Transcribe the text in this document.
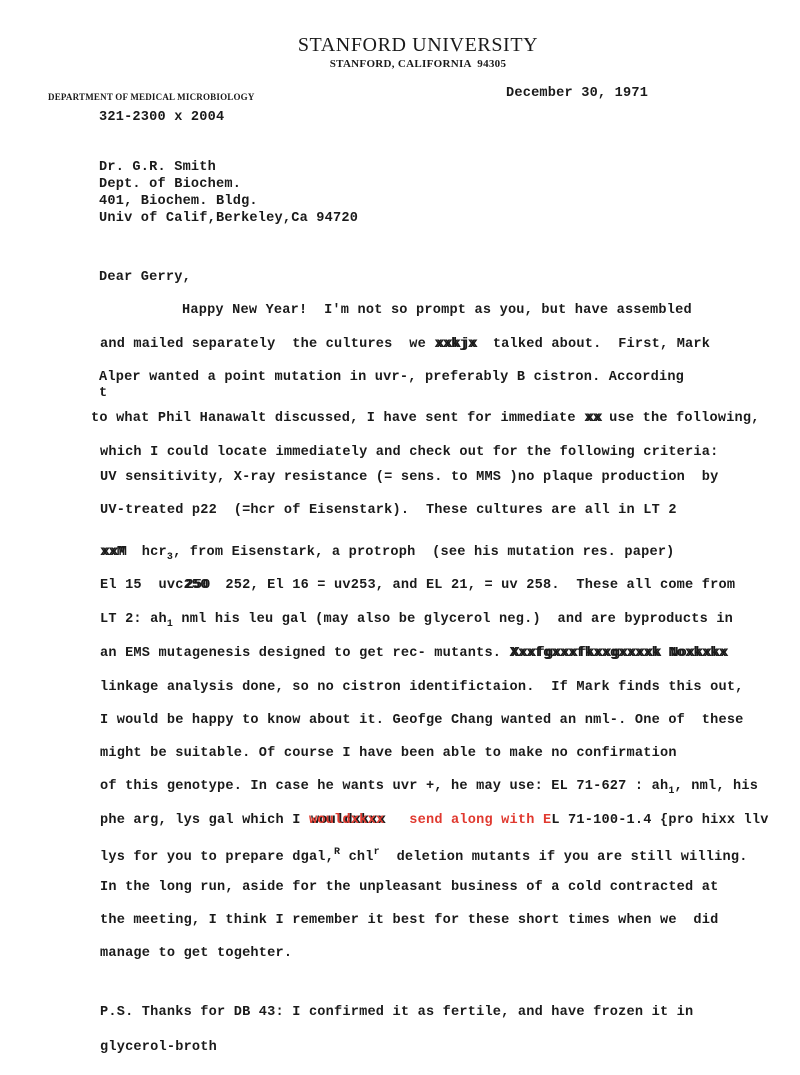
STANFORD UNIVERSITY
STANFORD, CALIFORNIA  94305
DEPARTMENT OF MEDICAL MICROBIOLOGY	December 30, 1971
321-2300 x 2004
Dr. G.R. Smith
Dept. of Biochem.
401, Biochem. Bldg.
Univ of Calif,Berkeley,Ca 94720
Dear Gerry,
Happy New Year!  I'm not so prompt as you, but have assembled
and mailed separately  the cultures  we xxkjx  talked about.  First, Mark
Alper wanted a point mutation in uvr-, preferably B cistron. According
t
to what Phil Hanawalt discussed, I have sent for immediate xx use the following,
which I could locate immediately and check out for the following criteria:
UV sensitivity, X-ray resistance (= sens. to MMS )no plaque production  by
UV-treated p22  (=hcr of Eisenstark).  These cultures are all in LT 2
xxM  hcr$_3$, from Eisenstark, a protroph  (see his mutation res. paper)
El 15  uvc250  252, El 16 = uv253, and EL 21, = uv 258.  These all come from
LT 2: $ah_1$ nml his leu gal (may also be glycerol neg.)  and are byproducts in
an EMS mutagenesis designed to get rec- mutants. Xxxfgxxxfkxxgxxxxk Noxkxkx
linkage analysis done, so no cistron identifictaion.  If Mark finds this out,
I would be happy to know about it. Geofge Chang wanted an nml-. One of  these
might be suitable. Of course I have been able to make no confirmation
of this genotype. In case he wants uvr +, he may use: EL 71-627 : $ah_1$, nml, his
phe arg, lys gal which I wouldxkxx   send along with EL 71-100-1.4 {pro hixx llv
lys for you to prepare dgal,$^R$ chl$^r$  deletion mutants if you are still willing.
In the long run, aside for the unpleasant business of a cold contracted at
the meeting, I think I remember it best for these short times when we  did
manage to get togehter.
P.S. Thanks for DB 43: I confirmed it as fertile, and have frozen it in
glycerol-broth
